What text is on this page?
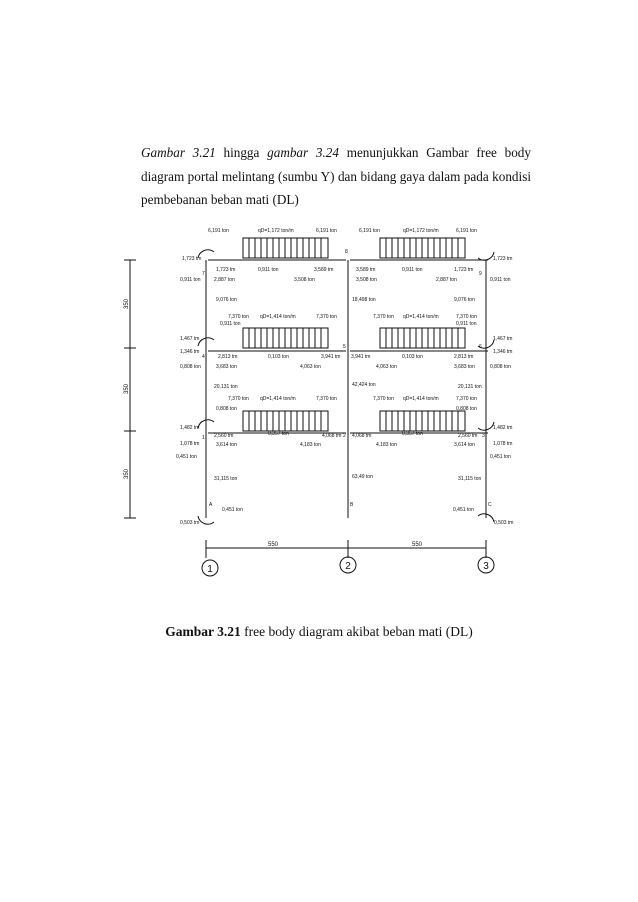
Gambar 3.21 hingga gambar 3.24 menunjukkan Gambar free body diagram portal melintang (sumbu Y) dan bidang gaya dalam pada kondisi pembebanan beban mati (DL)
6,191 ton	6,191 ton	6,191 ton	6,191 ton
qD=1,172 ton/m	qD=1,172 ton/m
1,723 tm	1,723 tm
0,911 ton	0,911 ton
1,723 tm	3,589 tm	3,589 tm	1,723 tm
0,911 ton	0,911 ton
2,887 ton	3,508 ton	3,508 ton	2,887 ton
7
8
9
9,076 ton	18,498 ton	9,076 ton
7,370 ton	7,370 ton	7,370 ton	7,370 ton
qD=1,414 ton/m	qD=1,414 ton/m
0,911 ton	0,911 ton
1,467 tm	1,467 tm
1,346 tm	1,346 tm
0,808 ton	0,808 ton
2,813 tm	3,941 tm 3,941 tm	2,813 tm
0,103 ton	0,103 ton
3,683 ton	4,063 ton	4,063 ton	3,683 ton
4
5	6
20,131 ton	42,424 ton	20,131 ton
7,370 ton	7,370 ton	7,370 ton	7,370 ton
qD=1,414 ton/m	qD=1,414 ton/m
0,808 ton	0,808 ton
1,482 tm	1,482 tm
1,078 tm	1,078 tm
0,451 ton	0,451 ton
2,560 tm	4,068 tm 4,068 tm	2,560 tm
0,357 ton	0,357 ton
3,614 ton	4,183 ton	4,183 ton	3,614 ton
1	2	3
31,115 ton	63,49 ton	31,115 ton
0,451 ton	0,451 ton
0,503 tm	0,503 tm
A	B	C
550	550
350
350
350
1	2	3
Gambar 3.21 free body diagram akibat beban mati (DL)
